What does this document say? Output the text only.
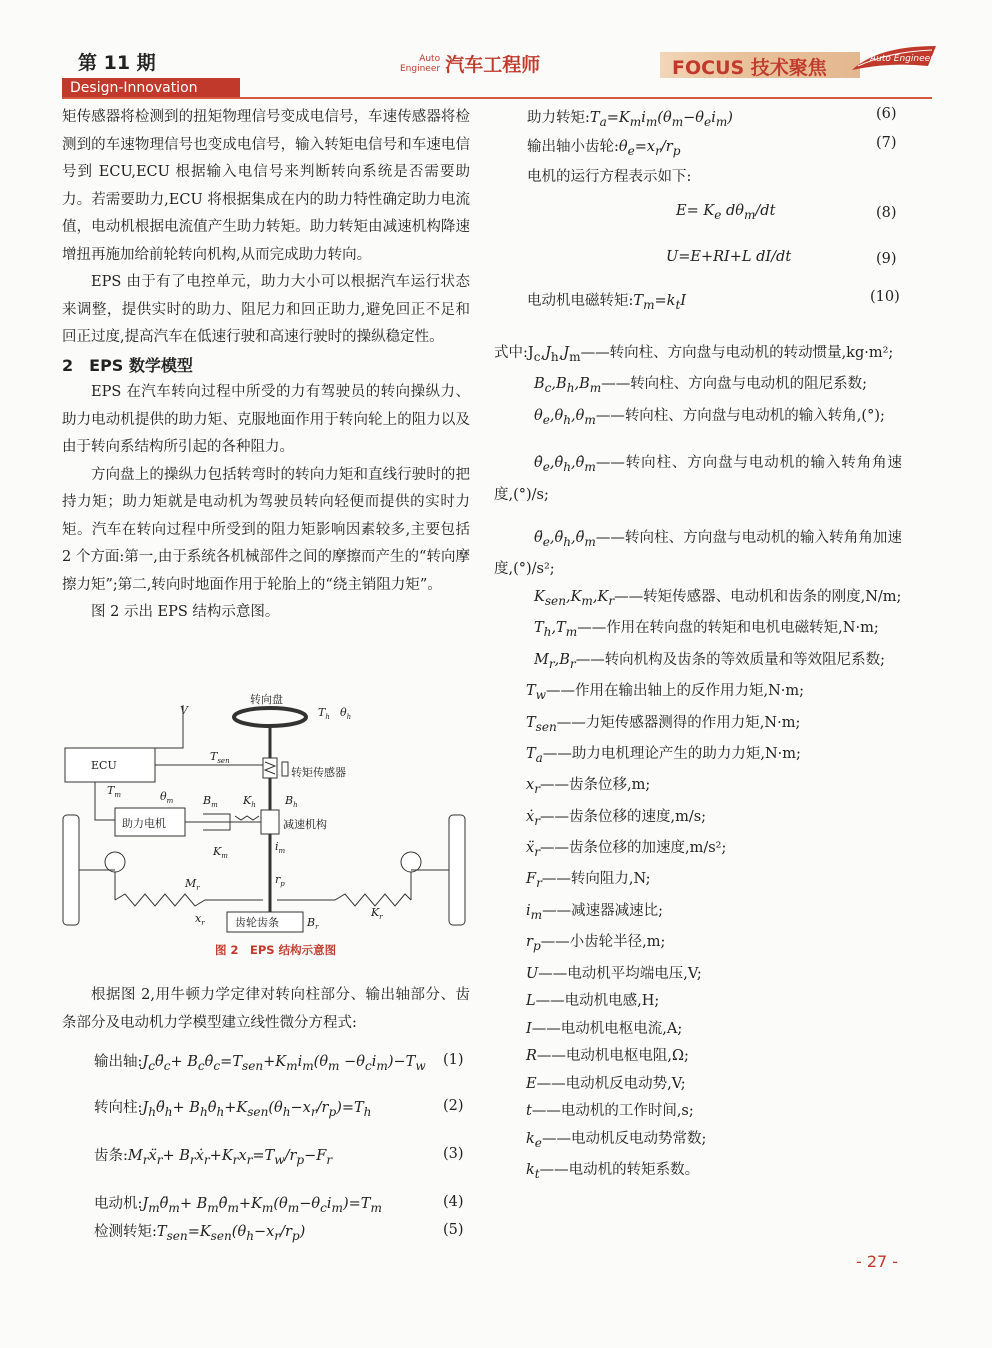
第 11 期
Design-Innovation
Auto
Engineer 汽车工程师	FOCUS 技术聚焦	Auto Engineer

矩传感器将检测到的扭矩物理信号变成电信号，车速传感器将检测到的车速物理信号也变成电信号，输入转矩电信号和车速电信号到 ECU,ECU 根据输入电信号来判断转向系统是否需要助力。若需要助力,ECU 将根据集成在内的助力特性确定助力电流值，电动机根据电流值产生助力转矩。助力转矩由减速机构降速增扭再施加给前轮转向机构,从而完成助力转向。

EPS 由于有了电控单元，助力大小可以根据汽车运行状态来调整，提供实时的助力、阻尼力和回正助力,避免回正不足和回正过度,提高汽车在低速行驶和高速行驶时的操纵稳定性。

2　EPS 数学模型

EPS 在汽车转向过程中所受的力有驾驶员的转向操纵力、助力电动机提供的助力矩、克服地面作用于转向轮上的阻力以及由于转向系结构所引起的各种阻力。

方向盘上的操纵力包括转弯时的转向力矩和直线行驶时的把持力矩；助力矩就是电动机为驾驶员转向轻便而提供的实时力矩。汽车在转向过程中所受到的阻力矩影响因素较多,主要包括 2 个方面:第一,由于系统各机械部件之间的摩擦而产生的“转向摩擦力矩”;第二,转向时地面作用于轮胎上的“绕主销阻力矩”。

图 2 示出 EPS 结构示意图。

转向盘
V	$T_h$ $\theta_h$
转矩传感器
ECU
$T_{sen}$
助力电机
$T_m$	$\theta_m$	$B_m$ $K_h$	$B_h$
减速机构
$K_m$
$i_m$
$r_p$
$M_r$
齿轮齿条	$B_r$
$x_r$
$K_r$
图 2　EPS 结构示意图

根据图 2,用牛顿力学定律对转向柱部分、输出轴部分、齿条部分及电动机力学模型建立线性微分方程式:

输出轴$:J_c\thetä_c+$ $B_c\thetȧ_c=T_{sen}+K_mi_m(\theta_m -\theta_ci_m)-T_w$ (1)
转向柱$:J_h\thetä_h+$ $B_h\thetȧ_h+K_{sen}(\theta_h-x_r/r_p)=T_h$	(2)
齿条$:M_rẍ_r+$ $B_rẋ_r+K_rx_r=T_w/r_p-F_r$	(3)
电动机$:J_m\thetä_m+$ $B_m\thetȧ_m+K_m(\theta_m-\theta_ci_m)=T_m$	(4)
检测转矩$:T_{sen}=K_{sen}(\theta_h-x_r/r_p)$	(5)
助力转矩$:T_a=K_mi_m(\theta_m-\theta_ei_m)$	(6)
输出轴小齿轮$:\theta_e=x_r/r_p$	(7)
电机的运行方程表示如下:
$E= K_e$ $d\theta_m/dt$	(8)
U=E+RI+L dI/dt	(9)
电动机电磁转矩$:T_m=k_tI$	(10)

式中$:J_c,J_h,J_m——$转向柱、方向盘与电动机的转动惯量,kg·m²;

$B_c,B_h,B_m——$转向柱、方向盘与电动机的阻尼系数;

$\theta_e,\theta_h,\theta_m——$转向柱、方向盘与电动机的输入转角,(°);

$\thetȧ_e,\thetȧ_h,\thetȧ_m——$转向柱、方向盘与电动机的输入转角角速度,(°)/s;

$\thetä_e,\thetä_h,\thetä_m——$转向柱、方向盘与电动机的输入转角角加速度,(°)/s²;

$K_{sen},K_m,K_r——$转矩传感器、电动机和齿条的刚度,N/m;

$T_h,T_m——$作用在转向盘的转矩和电机电磁转矩,N·m;

$M_r,B_r——$转向机构及齿条的等效质量和等效阻尼系数;

$T_w——$作用在输出轴上的反作用力矩,N·m;

$T_{sen}——$力矩传感器测得的作用力矩,N·m;

$T_a——$助力电机理论产生的助力力矩,N·m;

$x_r——$齿条位移,m;

ẋ$_r$——齿条位移的速度,m/s;

ẍ$_r$——齿条位移的加速度,m/s²;

$F_r——$转向阻力,N;

$i_m——$减速器减速比;

$r_p——$小齿轮半径,m;

U——电动机平均端电压,V;

L——电动机电感,H;

I——电动机电枢电流,A;

R——电动机电枢电阻,Ω;

E——电动机反电动势,V;

t——电动机的工作时间,s;

$k_e——$电动机反电动势常数;

$k_t——$电动机的转矩系数。

- 27 -
